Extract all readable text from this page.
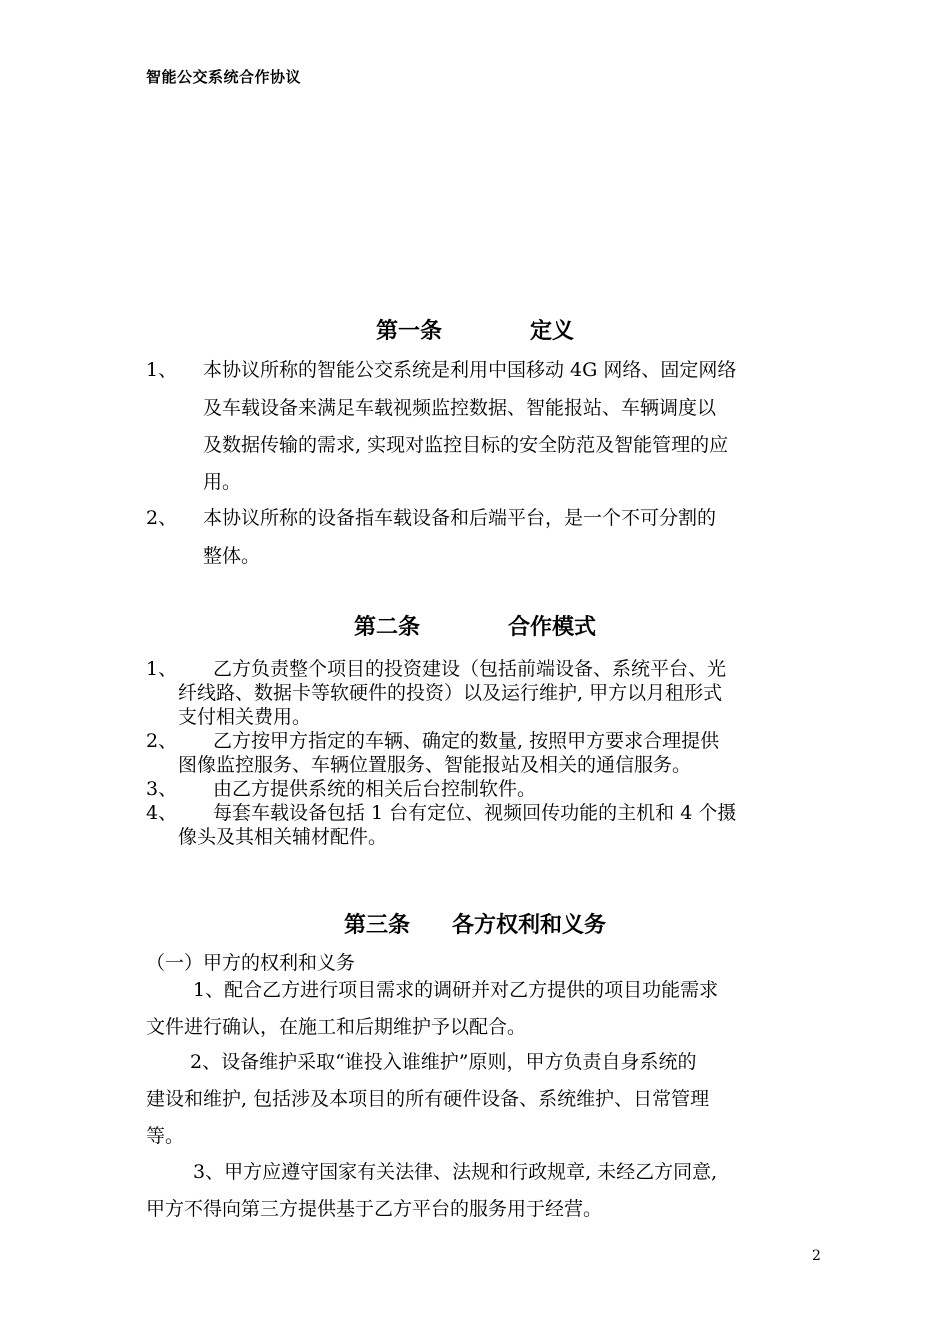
智能公交系统合作协议
第一条	定义
1、 本协议所称的智能公交系统是利用中国移动 4G 网络、固定网络
及车载设备来满足车载视频监控数据、智能报站、车辆调度以
及数据传输的需求, 实现对监控目标的安全防范及智能管理的应
用。
2、 本协议所称的设备指车载设备和后端平台，是一个不可分割的
整体。
第二条	合作模式
1、 乙方负责整个项目的投资建设（包括前端设备、系统平台、光
纤线路、数据卡等软硬件的投资）以及运行维护, 甲方以月租形式
支付相关费用。
2、 乙方按甲方指定的车辆、确定的数量, 按照甲方要求合理提供
图像监控服务、车辆位置服务、智能报站及相关的通信服务。
3、 由乙方提供系统的相关后台控制软件。
4、 每套车载设备包括 1 台有定位、视频回传功能的主机和 4 个摄
像头及其相关辅材配件。
第三条 各方权利和义务
（一）甲方的权利和义务
1、配合乙方进行项目需求的调研并对乙方提供的项目功能需求
文件进行确认，在施工和后期维护予以配合。
2、设备维护采取“谁投入谁维护”原则，甲方负责自身系统的
建设和维护, 包括涉及本项目的所有硬件设备、系统维护、日常管理
等。
3、甲方应遵守国家有关法律、法规和行政规章, 未经乙方同意,
甲方不得向第三方提供基于乙方平台的服务用于经营。
2
